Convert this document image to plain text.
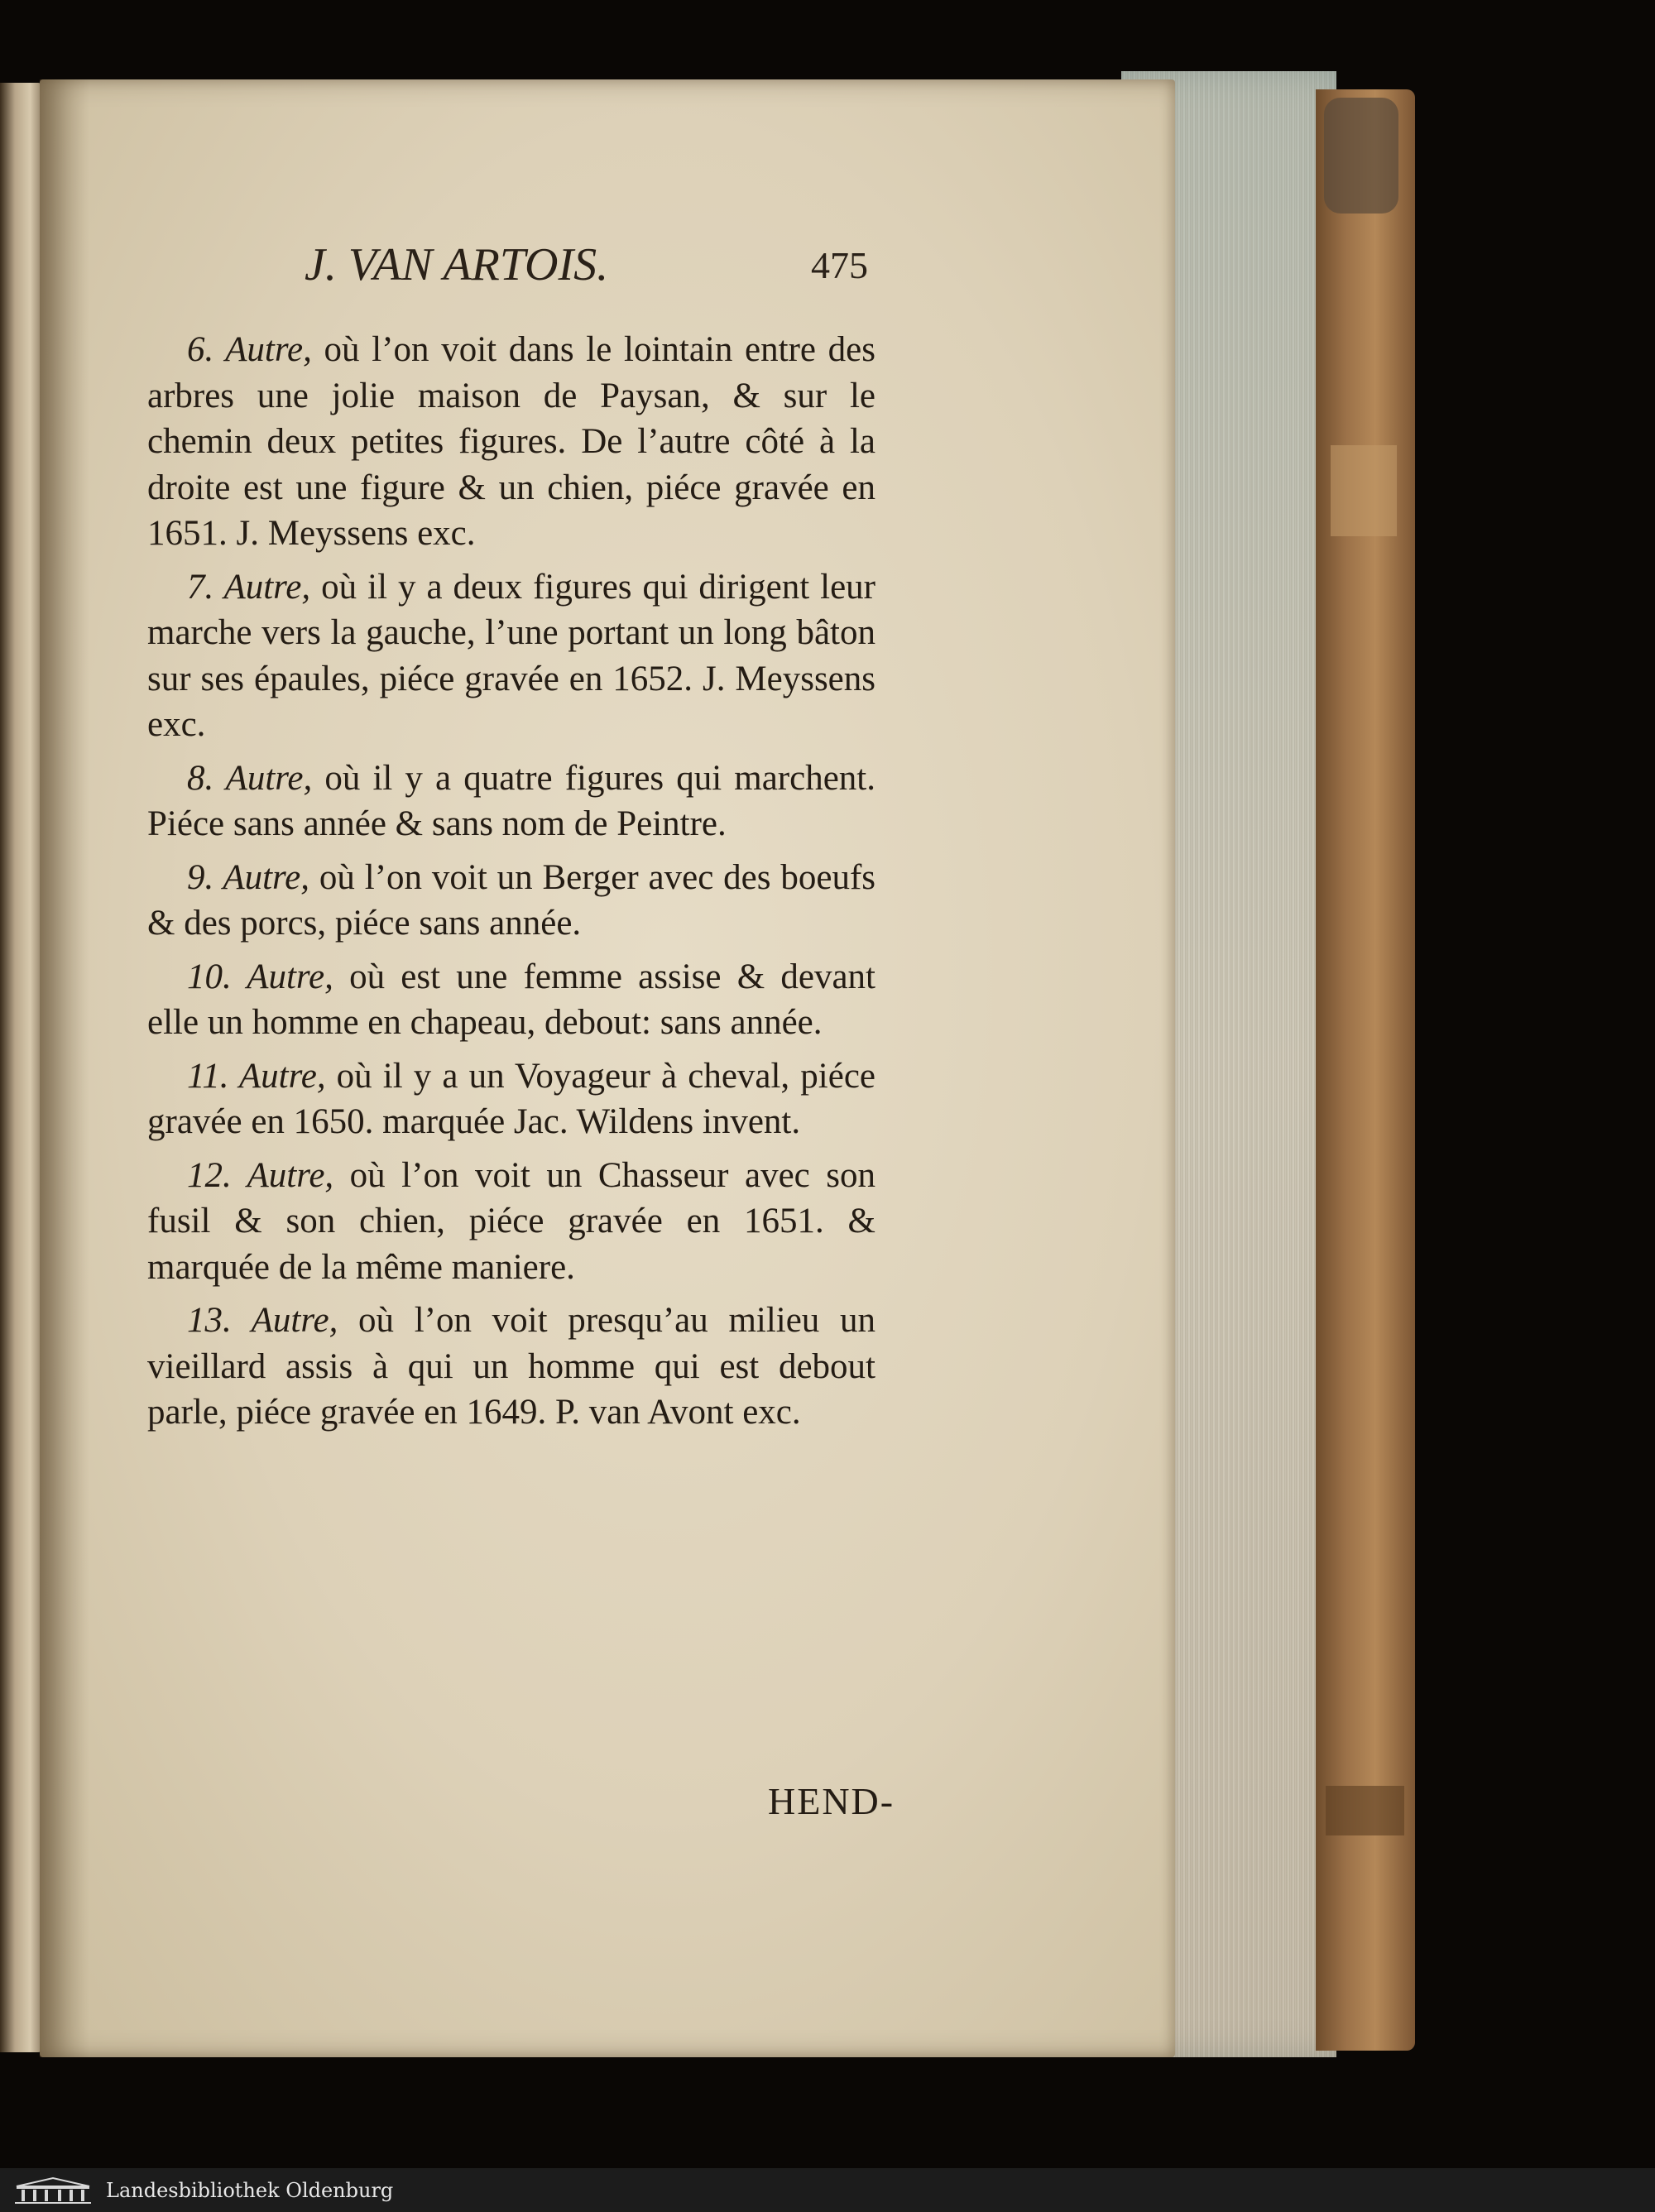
J. VAN ARTOIS.	475

6. Autre, où l’on voit dans le lointain entre des arbres une jolie maison de Paysan, & sur le chemin deux petites figures. De l’autre côté à la droite est une figure & un chien, piéce gravée en 1651. J. Meyssens exc.

7. Autre, où il y a deux figures qui dirigent leur marche vers la gauche, l’une portant un long bâton sur ses épaules, piéce gravée en 1652. J. Meyssens exc.

8. Autre, où il y a quatre figures qui marchent. Piéce sans année & sans nom de Peintre.

9. Autre, où l’on voit un Berger avec des boeufs & des porcs, piéce sans année.

10. Autre, où est une femme assise & devant elle un homme en chapeau, debout: sans année.

11. Autre, où il y a un Voyageur à cheval, piéce gravée en 1650. marquée Jac. Wildens invent.

12. Autre, où l’on voit un Chasseur avec son fusil & son chien, piéce gravée en 1651. & marquée de la même maniere.

13. Autre, où l’on voit presqu’au milieu un vieillard assis à qui un homme qui est debout parle, piéce gravée en 1649. P. van Avont exc.

HEND-
Landesbibliothek Oldenburg
